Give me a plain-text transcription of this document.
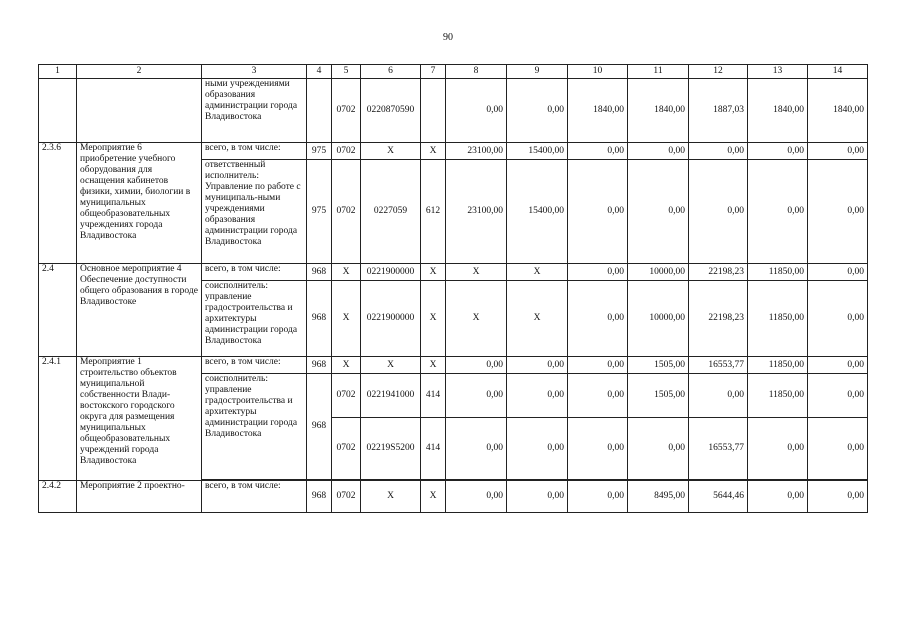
90
1	2	3	4	5	6	7	8	9	10	11	12	13	14
		ными учреждениями образования администрации города Владивостока		0702	0220870590		0,00	0,00	1840,00	1840,00	1887,03	1840,00	1840,00
2.3.6	Мероприятие 6 приобретение учебного оборудования для оснащения кабинетов физики, химии, биологии в муниципальных общеобразовательных учреждениях города Владивостока	всего, в том числе:	975	0702	X	X	23100,00	15400,00	0,00	0,00	0,00	0,00	0,00
		ответственный исполнитель: Управление по работе с муниципаль-ными учреждениями образования администрации города Владивостока	975	0702	0227059	612	23100,00	15400,00	0,00	0,00	0,00	0,00	0,00
2.4	Основное мероприятие 4 Обеспечение доступности общего образования в городе Владивостоке	всего, в том числе:	968	X	0221900000	X	X	X	0,00	10000,00	22198,23	11850,00	0,00
		соисполнитель: управление градостроительства и архитектуры администрации города Владивостока	968	X	0221900000	X	X	X	0,00	10000,00	22198,23	11850,00	0,00
2.4.1	Мероприятие 1 строительство объектов муниципальной собственности Влади-востокского городского округа для размещения муниципальных общеобразовательных учреждений города Владивостока	всего, в том числе:	968	X	X	X	0,00	0,00	0,00	1505,00	16553,77	11850,00	0,00
		соисполнитель: управление градостроительства и архитектуры администрации города Владивостока	968	0702	0221941000	414	0,00	0,00	0,00	1505,00	0,00	11850,00	0,00
				0702	02219S5200	414	0,00	0,00	0,00	0,00	16553,77	0,00	0,00

2.4.2	Мероприятие 2 проектно-	всего, в том числе:	968	0702	X	X	0,00	0,00	0,00	8495,00	5644,46	0,00	0,00
